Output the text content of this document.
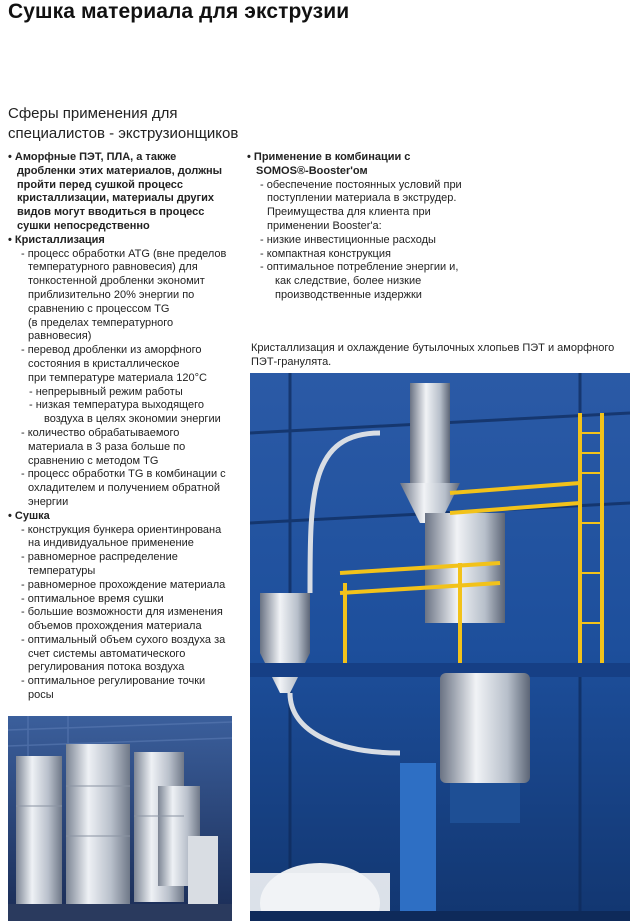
Сушка материала для экструзии
Сферы применения для
специалистов - экструзионщиков

• Аморфные ПЭТ, ПЛА, а также

дробленки этих материалов, должны

пройти перед сушкой процесс

кристаллизации, материалы других

видов могут вводиться в процесс

сушки непосредственно

• Кристаллизация

- процесс обработки ATG (вне пределов

температурного равновесия) для

тонкостенной дробленки экономит

приблизительно 20% энергии по

сравнению с процессом TG

(в пределах температурного

равновесия)

- перевод дробленки из аморфного

состояния в кристаллическое

при температуре материала 120°C

- непрерывный режим работы

- низкая температура выходящего

воздуха в целях экономии энергии

- количество обрабатываемого

материала в 3 раза больше по

сравнению с методом TG

- процесс обработки TG в комбинации с

охладителем и получением обратной

энергии

• Сушка

- конструкция бункера ориентинрована

на индивидуальное применение

- равномерное распределение

температуры

- равномерное прохождение материала

- оптимальное время сушки

- большие возможности для изменения

объемов прохождения материала

- оптимальный объем сухого воздуха за

счет системы автоматического

регулирования потока воздуха

- оптимальное регулирование точки

росы

• Применение в комбинации с

SOMOS®-Booster'ом

- обеспечение постоянных условий при

поступлении материала в экструдер.

Преимущества для клиента при

применении Booster'а:

- низкие инвестиционные расходы

- компактная конструкция

- оптимальное потребление энергии и,

как следствие, более низкие

производственные издержки

Кристаллизация и охлаждение бутылочных хлопьев ПЭТ и аморфного
ПЭТ-гранулята.
